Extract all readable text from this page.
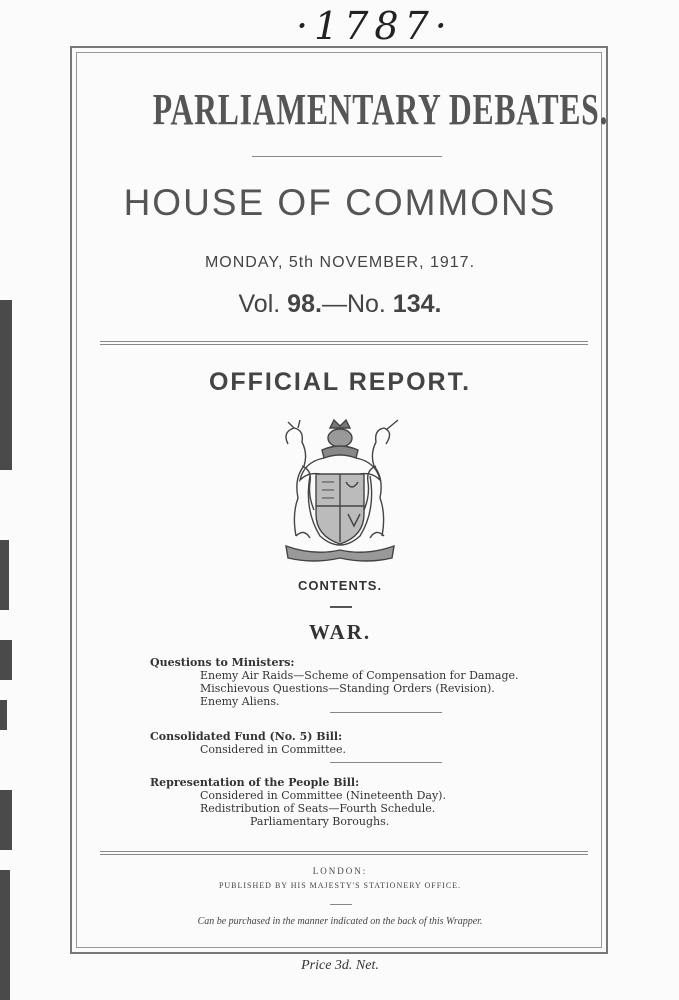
·1787·
PARLIAMENTARY DEBATES.
HOUSE OF COMMONS
MONDAY, 5th NOVEMBER, 1917.
Vol. 98.—No. 134.
OFFICIAL REPORT.
CONTENTS.
WAR.
Questions to Ministers:
Enemy Air Raids—Scheme of Compensation for Damage.
Mischievous Questions—Standing Orders (Revision).
Enemy Aliens.
Consolidated Fund (No. 5) Bill:
Considered in Committee.
Representation of the People Bill:
Considered in Committee (Nineteenth Day).
Redistribution of Seats—Fourth Schedule.
Parliamentary Boroughs.
LONDON:
PUBLISHED BY HIS MAJESTY'S STATIONERY OFFICE.
Can be purchased in the manner indicated on the back of this Wrapper.
Price 3d. Net.
